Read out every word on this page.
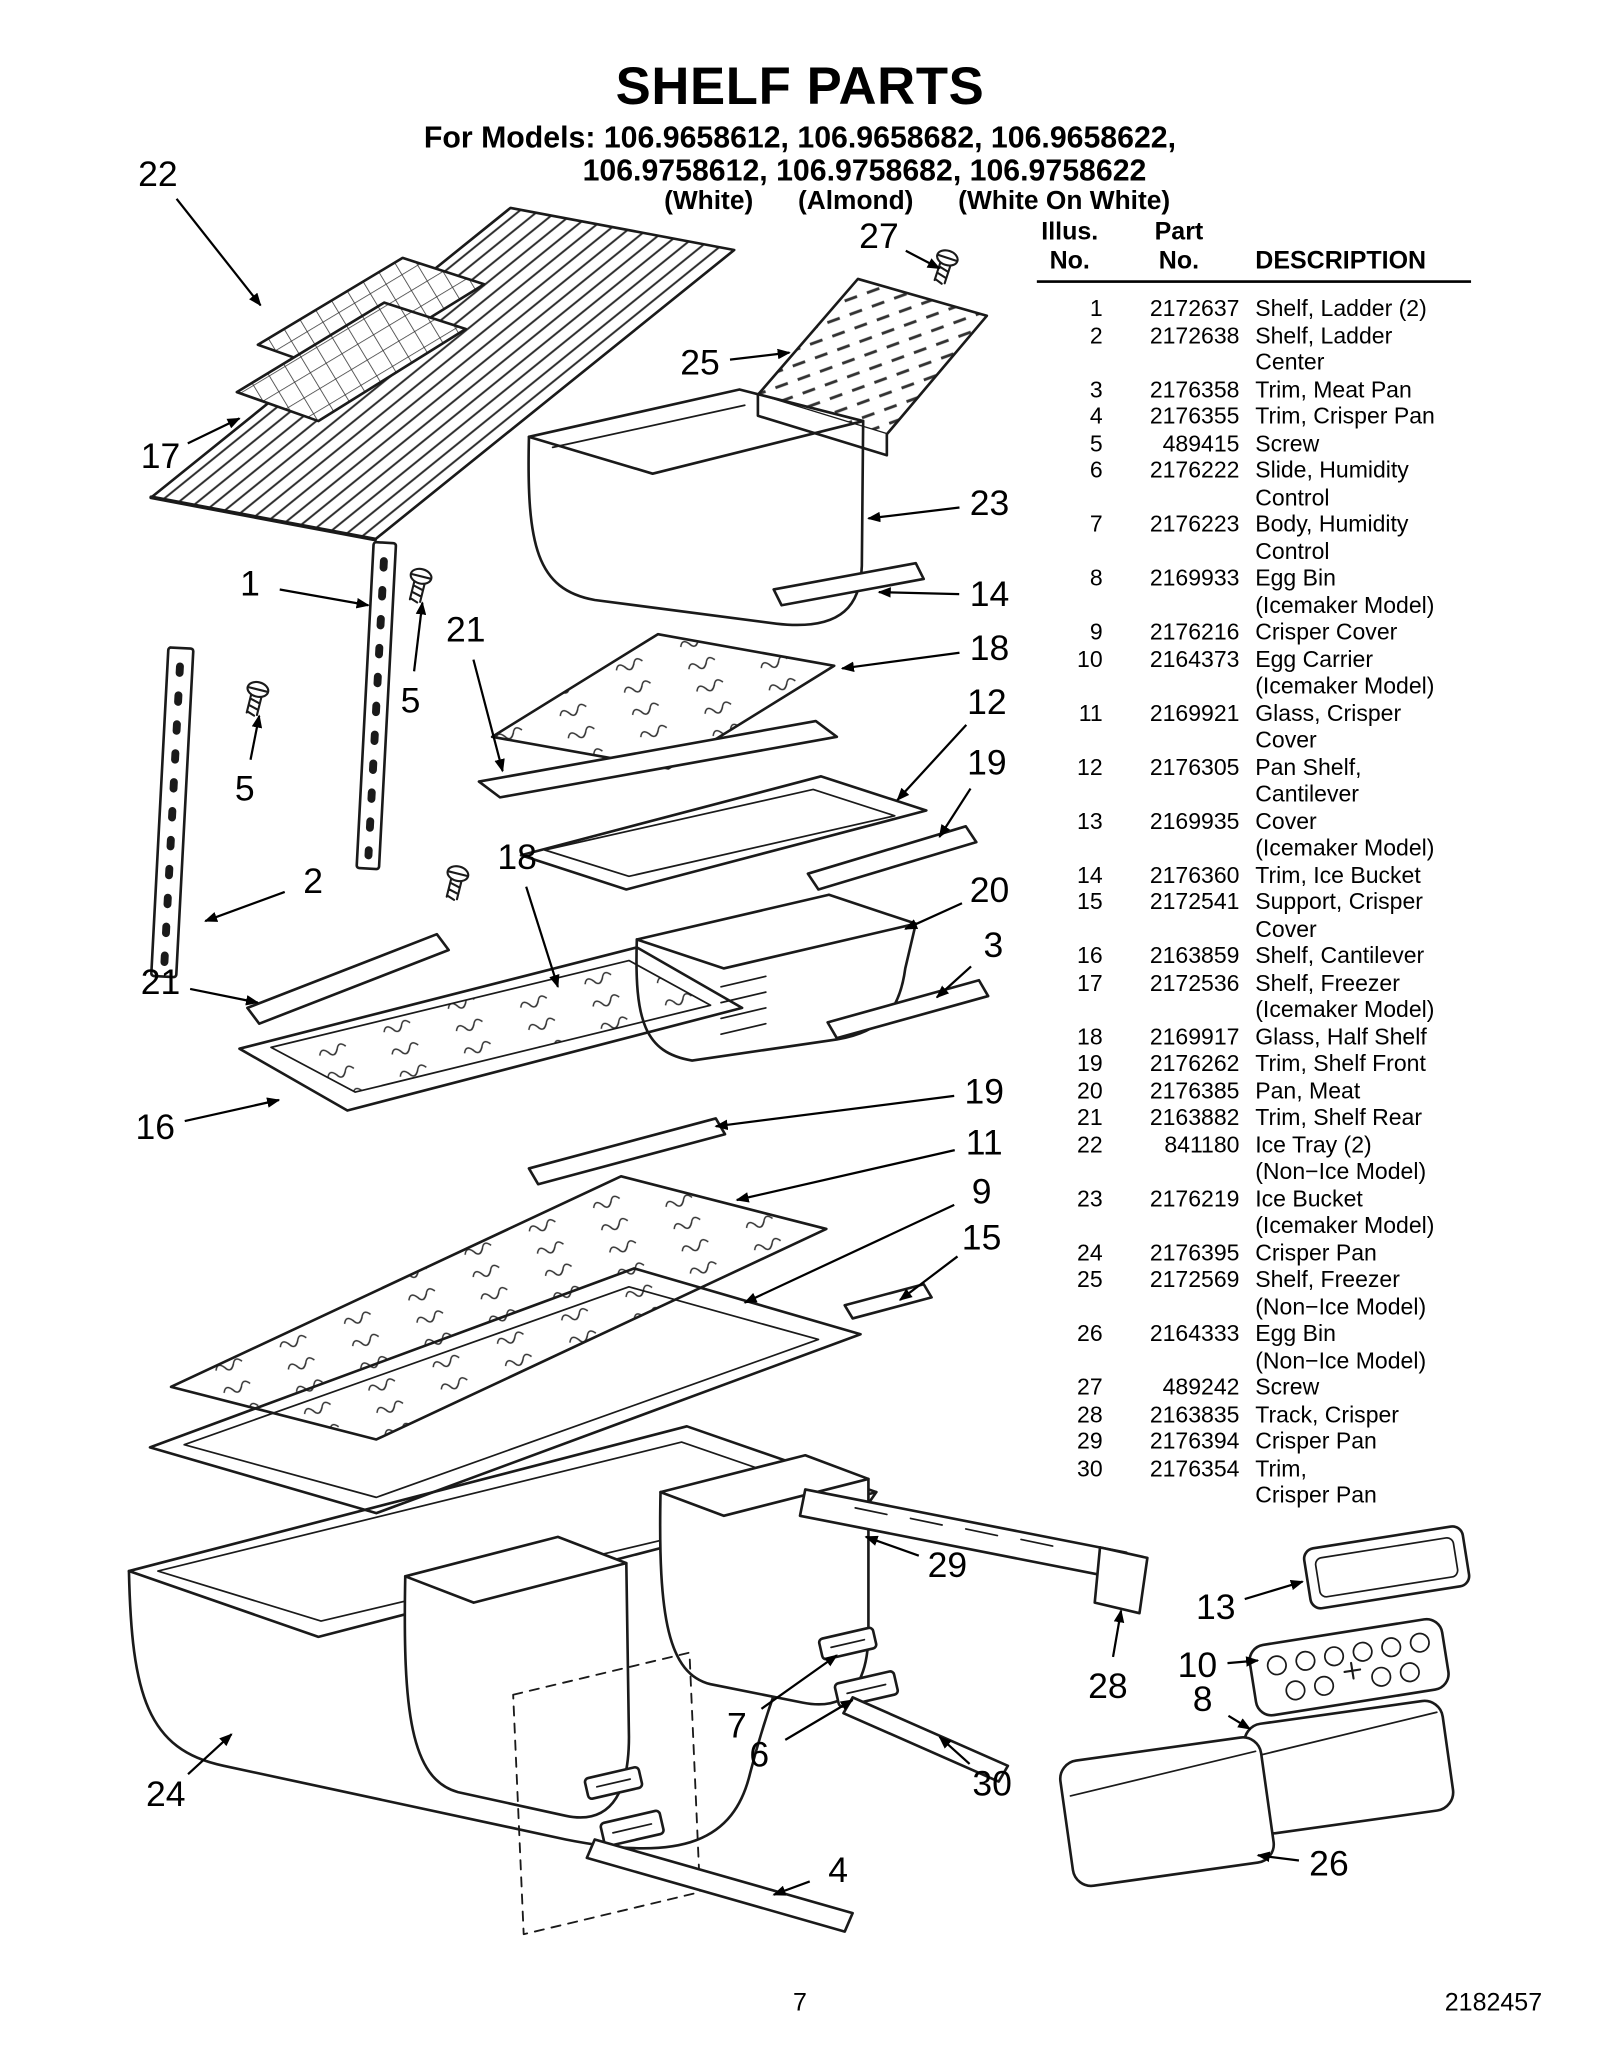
22
27
25
17
23
1	14
21	18
5	12
19
5
2
18
20
3
21
16
19
11
9
15
29
13
10
8
28
7
6
30
24
4	26
SHELF PARTS
For Models: 106.9658612, 106.9658682, 106.9658622,
106.9758612, 106.9758682, 106.9758622
(White) (Almond) (White On White)
Illus.
No.
Part
No.	DESCRIPTION
1	2172637 Shelf, Ladder (2)
2	2172638 Shelf, Ladder
Center
3	2176358 Trim, Meat Pan
4	2176355 Trim, Crisper Pan
5	489415 Screw
6	2176222 Slide, Humidity
Control
7	2176223 Body, Humidity
Control
8	2169933 Egg Bin
(Icemaker Model)
9	2176216 Crisper Cover
10	2164373 Egg Carrier
(Icemaker Model)
11	2169921 Glass, Crisper
Cover
12	2176305 Pan Shelf,
Cantilever
13	2169935 Cover
(Icemaker Model)
14	2176360 Trim, Ice Bucket
15	2172541 Support, Crisper
Cover
16	2163859 Shelf, Cantilever
17	2172536 Shelf, Freezer
(Icemaker Model)
18	2169917 Glass, Half Shelf
19	2176262 Trim, Shelf Front
20	2176385 Pan, Meat
21	2163882 Trim, Shelf Rear
22	841180 Ice Tray (2)
(Non−Ice Model)
23	2176219 Ice Bucket
(Icemaker Model)
24	2176395 Crisper Pan
25	2172569 Shelf, Freezer
(Non−Ice Model)
26	2164333 Egg Bin
(Non−Ice Model)
27	489242 Screw
28	2163835 Track, Crisper
29	2176394 Crisper Pan
30	2176354 Trim,
Crisper Pan
7	2182457
